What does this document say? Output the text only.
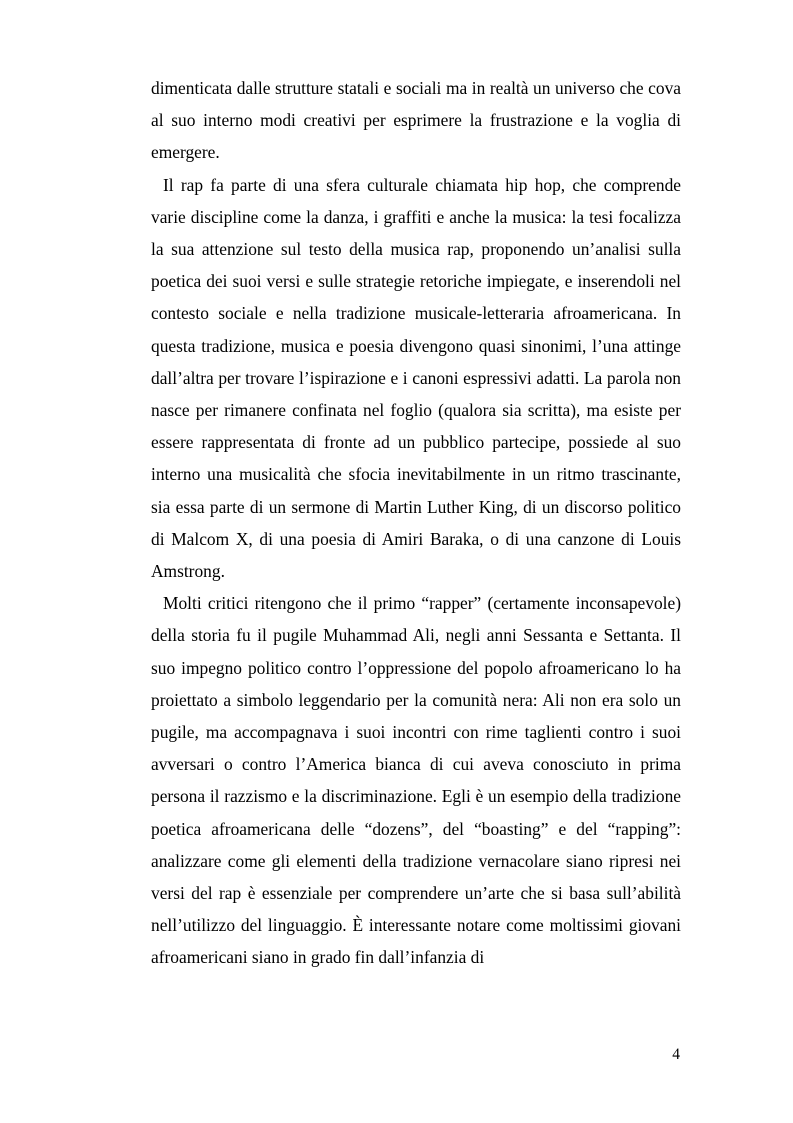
dimenticata dalle strutture statali e sociali ma in realtà un universo che cova al suo interno modi creativi per esprimere la frustrazione e la voglia di emergere.

Il rap fa parte di una sfera culturale chiamata hip hop, che comprende varie discipline come la danza, i graffiti e anche la musica: la tesi focalizza la sua attenzione sul testo della musica rap, proponendo un’analisi sulla poetica dei suoi versi e sulle strategie retoriche impiegate, e inserendoli nel contesto sociale e nella tradizione musicale-letteraria afroamericana. In questa tradizione, musica e poesia divengono quasi sinonimi, l’una attinge dall’altra per trovare l’ispirazione e i canoni espressivi adatti. La parola non nasce per rimanere confinata nel foglio (qualora sia scritta), ma esiste per essere rappresentata di fronte ad un pubblico partecipe, possiede al suo interno una musicalità che sfocia inevitabilmente in un ritmo trascinante, sia essa parte di un sermone di Martin Luther King, di un discorso politico di Malcom X, di una poesia di Amiri Baraka, o di una canzone di Louis Amstrong.

Molti critici ritengono che il primo “rapper” (certamente inconsapevole) della storia fu il pugile Muhammad Ali, negli anni Sessanta e Settanta. Il suo impegno politico contro l’oppressione del popolo afroamericano lo ha proiettato a simbolo leggendario per la comunità nera: Ali non era solo un pugile, ma accompagnava i suoi incontri con rime taglienti contro i suoi avversari o contro l’America bianca di cui aveva conosciuto in prima persona il razzismo e la discriminazione. Egli è un esempio della tradizione poetica afroamericana delle “dozens”, del “boasting” e del “rapping”: analizzare come gli elementi della tradizione vernacolare siano ripresi nei versi del rap è essenziale per comprendere un’arte che si basa sull’abilità nell’utilizzo del linguaggio. È interessante notare come moltissimi giovani afroamericani siano in grado fin dall’infanzia di

4
